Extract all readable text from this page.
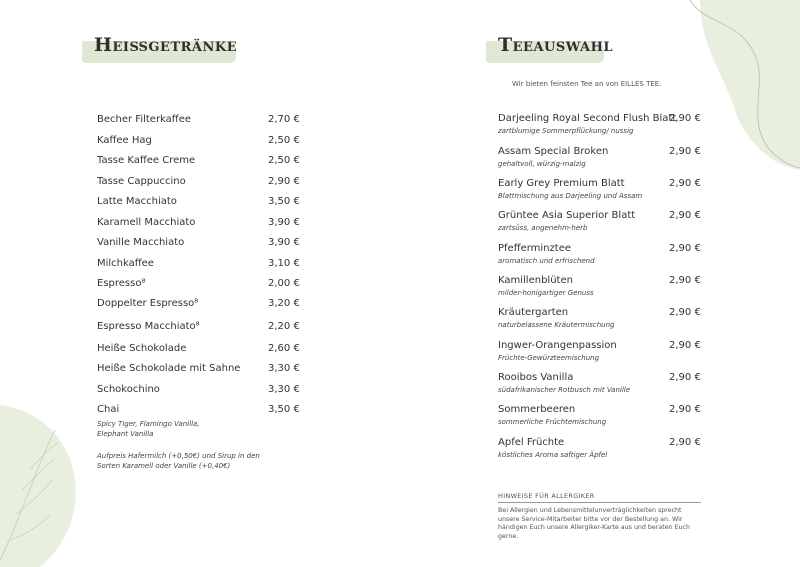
Heißgetränke
Becher Filterkaffee	2,70 €
Kaffee Hag	2,50 €
Tasse Kaffee Creme	2,50 €
Tasse Cappuccino	2,90 €
Latte Macchiato	3,50 €
Karamell Macchiato	3,90 €
Vanille Macchiato	3,90 €
Milchkaffee	3,10 €
Espresso⁸	2,00 €
Doppelter Espresso⁸	3,20 €
Espresso Macchiato⁸	2,20 €
Heiße Schokolade	2,60 €
Heiße Schokolade mit Sahne	3,30 €
Schokochino	3,30 €
Chai	3,50 €
Spicy Tiger, Flamingo Vanilla,
Elephant Vanilla
Aufpreis Hafermilch (+0,50€) und Sirup in den
Sorten Karamell oder Vanille (+0,40€)
Teeauswahl
Wir bieten feinsten Tee an von EILLES TEE.
Darjeeling Royal Second Flush Blatt
zartblumige Sommerpflückung/ nussig
2,90 €
Assam Special Broken
gehaltvoll, würzig-malzig
2,90 €
Early Grey Premium Blatt
Blattmischung aus Darjeeling und Assam
2,90 €
Grüntee Asia Superior Blatt
zartsüss, angenehm-herb
2,90 €
Pfefferminztee
aromatisch und erfrischend
2,90 €
Kamillenblüten
milder-honigartiger Genuss
2,90 €
Kräutergarten
naturbelassene Kräutermischung
2,90 €
Ingwer-Orangenpassion
Früchte-Gewürzteemischung
2,90 €
Rooibos Vanilla
südafrikanischer Rotbusch mit Vanille
2,90 €
Sommerbeeren
sommerliche Früchtemischung
2,90 €
Apfel Früchte
köstliches Aroma saftiger Äpfel
2,90 €
HINWEISE FÜR ALLERGIKER
Bei Allergien und Lebensmittelunverträglichkeiten sprecht unsere Service-Mitarbeiter bitte vor der Bestellung an. Wir händigen Euch unsere Allergiker-Karte aus und beraten Euch gerne.
